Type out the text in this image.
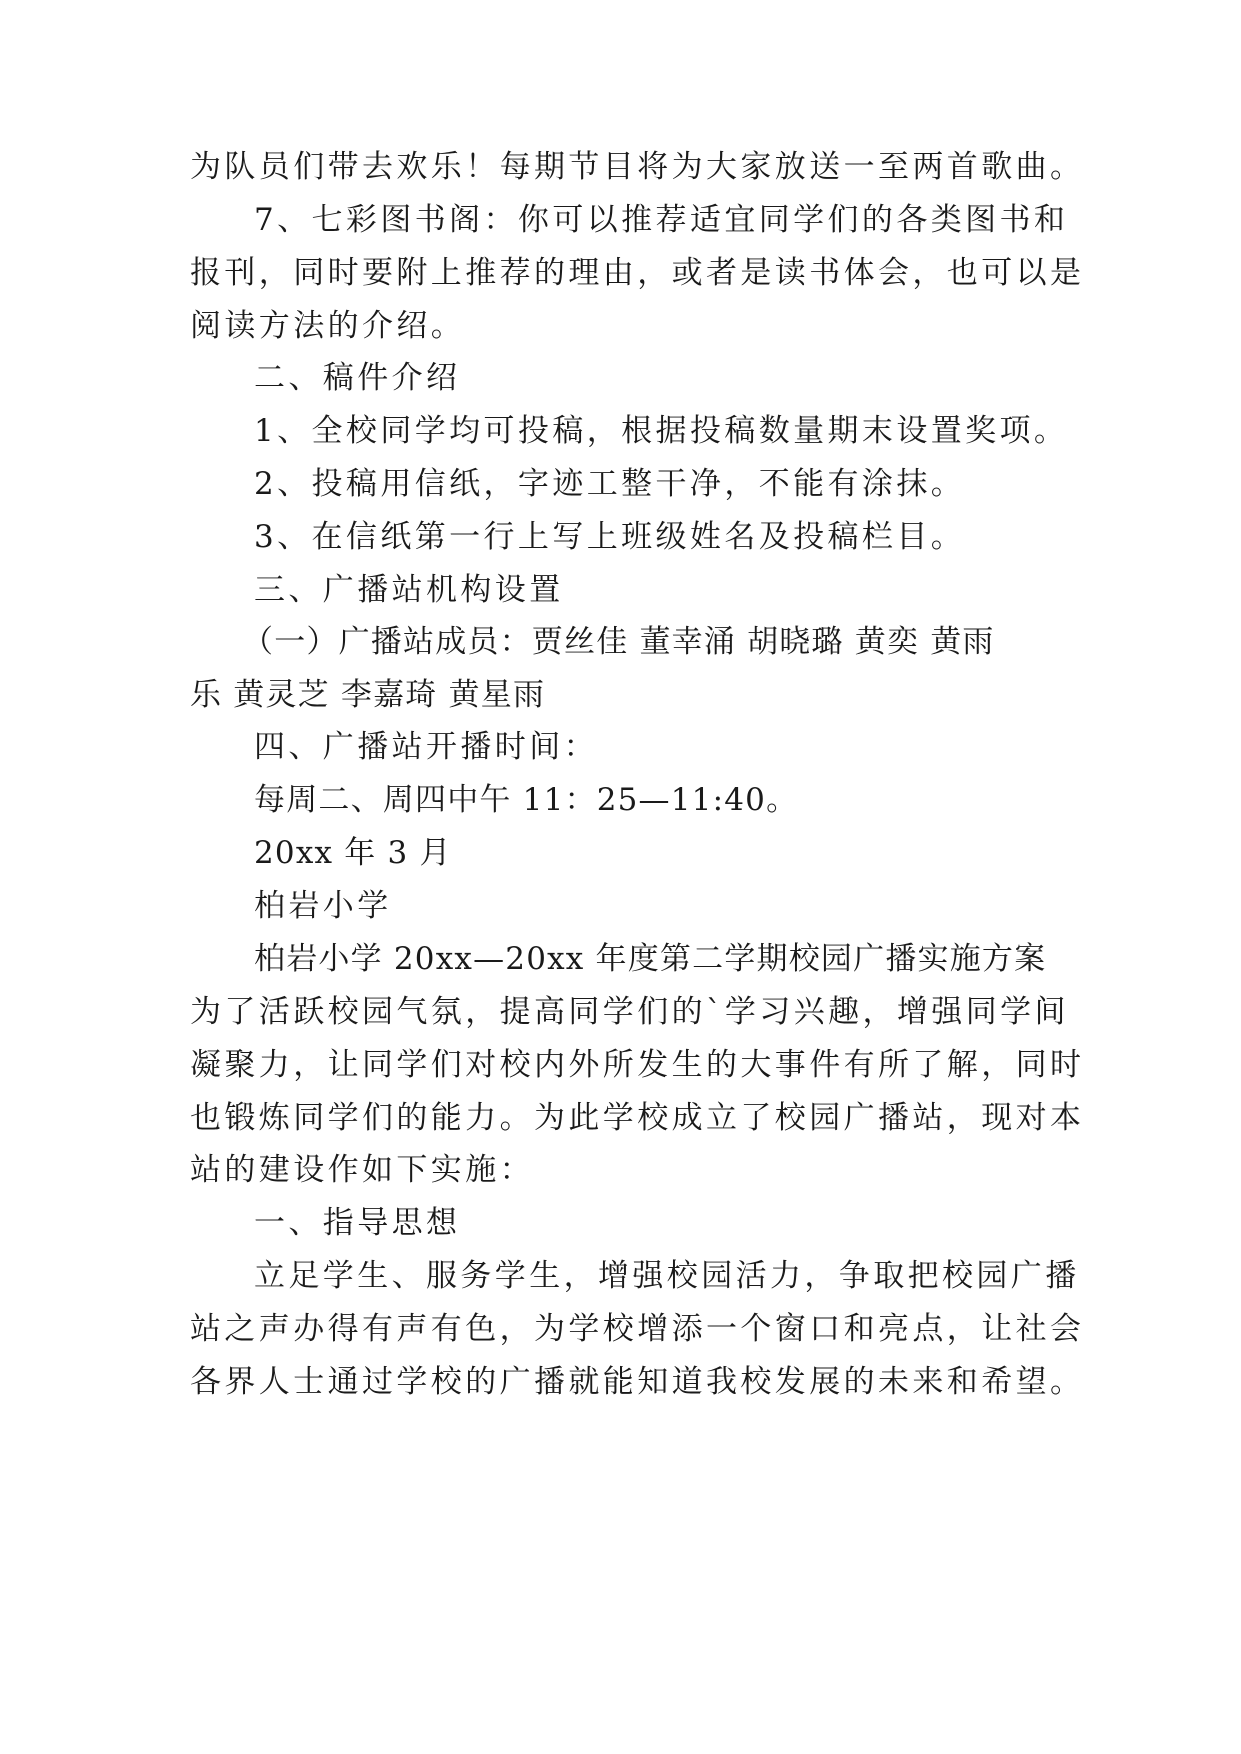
为队员们带去欢乐！每期节目将为大家放送一至两首歌曲。
7、七彩图书阁：你可以推荐适宜同学们的各类图书和
报刊，同时要附上推荐的理由，或者是读书体会，也可以是
阅读方法的介绍。
二、稿件介绍
1、全校同学均可投稿，根据投稿数量期末设置奖项。
2、投稿用信纸，字迹工整干净，不能有涂抹。
3、在信纸第一行上写上班级姓名及投稿栏目。
三、广播站机构设置
（一）广播站成员：贾丝佳 董幸涌 胡晓璐 黄奕 黄雨
乐 黄灵芝 李嘉琦 黄星雨
四、广播站开播时间：
每周二、周四中午 11：25—11:40。
20xx 年 3 月
柏岩小学
柏岩小学 20xx—20xx 年度第二学期校园广播实施方案
为了活跃校园气氛，提高同学们的`学习兴趣，增强同学间
凝聚力，让同学们对校内外所发生的大事件有所了解，同时
也锻炼同学们的能力。为此学校成立了校园广播站，现对本
站的建设作如下实施：
一、指导思想
立足学生、服务学生，增强校园活力，争取把校园广播
站之声办得有声有色，为学校增添一个窗口和亮点，让社会
各界人士通过学校的广播就能知道我校发展的未来和希望。
